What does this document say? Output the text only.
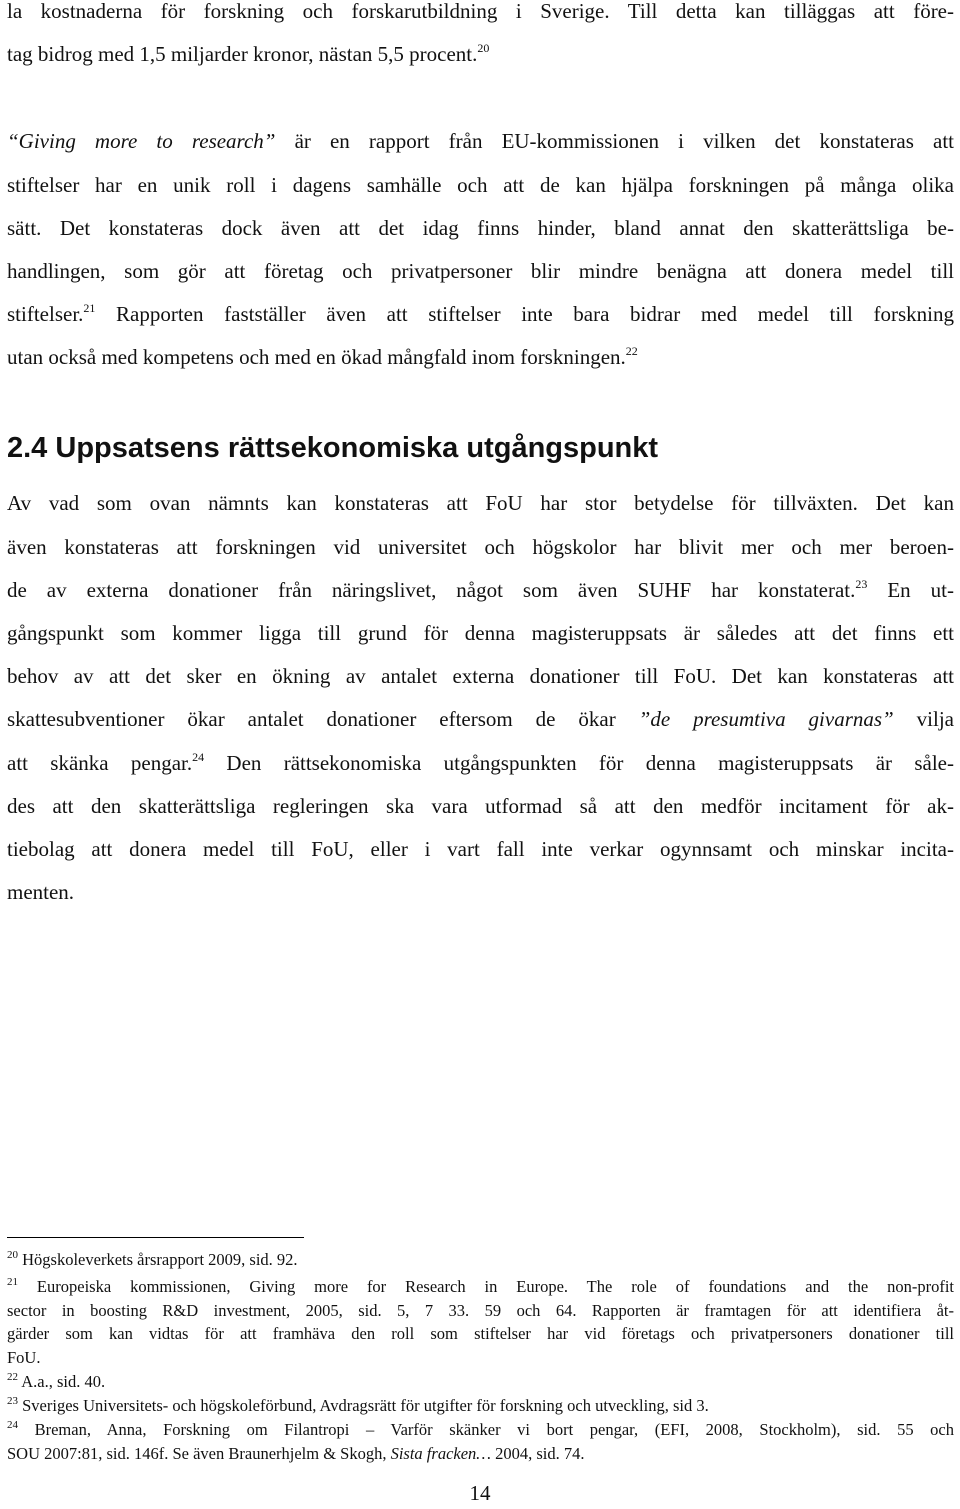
la kostnaderna för forskning och forskarutbildning i Sverige. Till detta kan tilläggas att före-
tag bidrog med 1,5 miljarder kronor, nästan 5,5 procent.$^{20}$
“Giving more to research” är en rapport från EU-kommissionen i vilken det konstateras att
stiftelser har en unik roll i dagens samhälle och att de kan hjälpa forskningen på många olika
sätt. Det konstateras dock även att det idag finns hinder, bland annat den skatterättsliga be-
handlingen, som gör att företag och privatpersoner blir mindre benägna att donera medel till
stiftelser.$^{21}$ Rapporten fastställer även att stiftelser inte bara bidrar med medel till forskning
utan också med kompetens och med en ökad mångfald inom forskningen.$^{22}$
2.4 Uppsatsens rättsekonomiska utgångspunkt
Av vad som ovan nämnts kan konstateras att FoU har stor betydelse för tillväxten. Det kan
även konstateras att forskningen vid universitet och högskolor har blivit mer och mer beroen-
de av externa donationer från näringslivet, något som även SUHF har konstaterat.$^{23}$ En ut-
gångspunkt som kommer ligga till grund för denna magisteruppsats är således att det finns ett
behov av att det sker en ökning av antalet externa donationer till FoU. Det kan konstateras att
skattesubventioner ökar antalet donationer eftersom de ökar ”de presumtiva givarnas” vilja
att skänka pengar.$^{24}$ Den rättsekonomiska utgångspunkten för denna magisteruppsats är såle-
des att den skatterättsliga regleringen ska vara utformad så att den medför incitament för ak-
tiebolag att donera medel till FoU, eller i vart fall inte verkar ogynnsamt och minskar incita-
menten.
$^{20}$ Högskoleverkets årsrapport 2009, sid. 92.
$^{21}$ Europeiska kommissionen, Giving more for Research in Europe. The role of foundations and the non-profit
sector in boosting R&D investment, 2005, sid. 5, 7 33. 59 och 64. Rapporten är framtagen för att identifiera åt-
gärder som kan vidtas för att framhäva den roll som stiftelser har vid företags och privatpersoners donationer till
FoU.
$^{22}$ A.a., sid. 40.
$^{23}$ Sveriges Universitets- och högskoleförbund, Avdragsrätt för utgifter för forskning och utveckling, sid 3.
$^{24}$ Breman, Anna, Forskning om Filantropi – Varför skänker vi bort pengar, (EFI, 2008, Stockholm), sid. 55 och
SOU 2007:81, sid. 146f. Se även Braunerhjelm & Skogh, Sista fracken… 2004, sid. 74.
14
